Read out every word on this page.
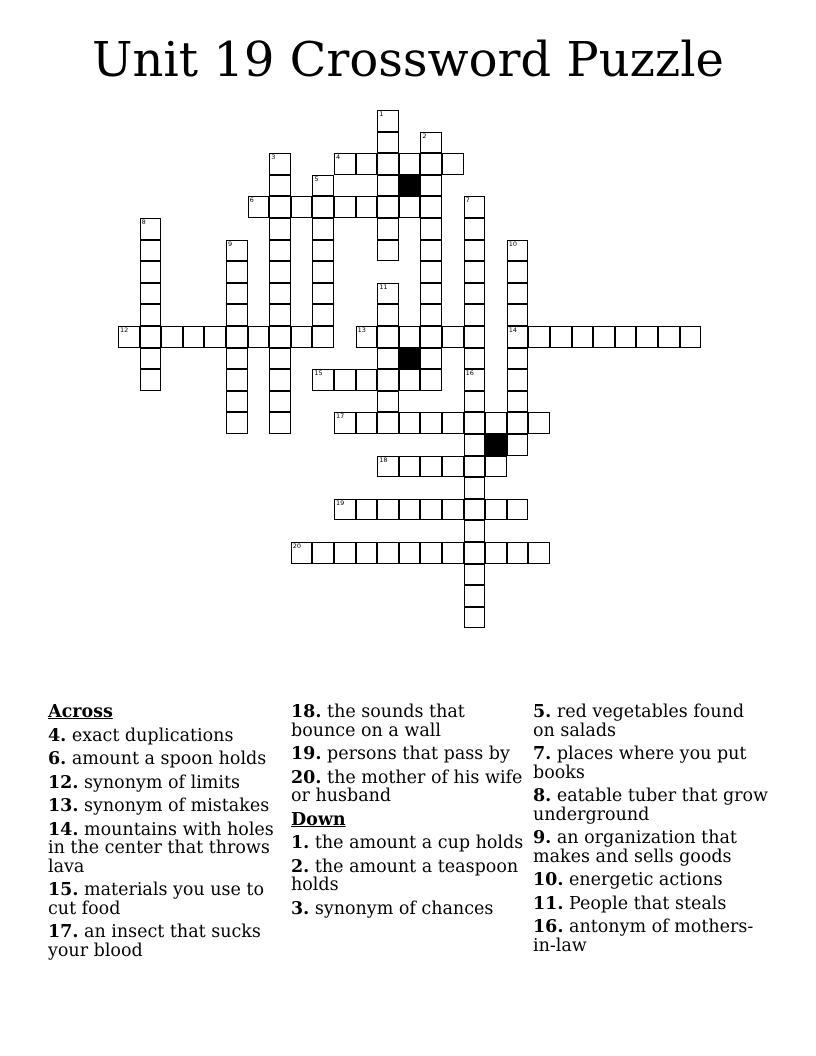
Unit 19 Crossword Puzzle
4
6
12	13	14
15
17
18
19
20
1
2
3
5
7
8
9	10
11
16
Across
4. exact duplications
6. amount a spoon holds
12. synonym of limits
13. synonym of mistakes
14. mountains with holes in the center that throws lava
15. materials you use to cut food
17. an insect that sucks your blood
18. the sounds that bounce on a wall
19. persons that pass by
20. the mother of his wife or husband
Down
1. the amount a cup holds
2. the amount a teaspoon holds
3. synonym of chances
5. red vegetables found on salads
7. places where you put books
8. eatable tuber that grow underground
9. an organization that makes and sells goods
10. energetic actions
11. People that steals
16. antonym of mothers-in-law
